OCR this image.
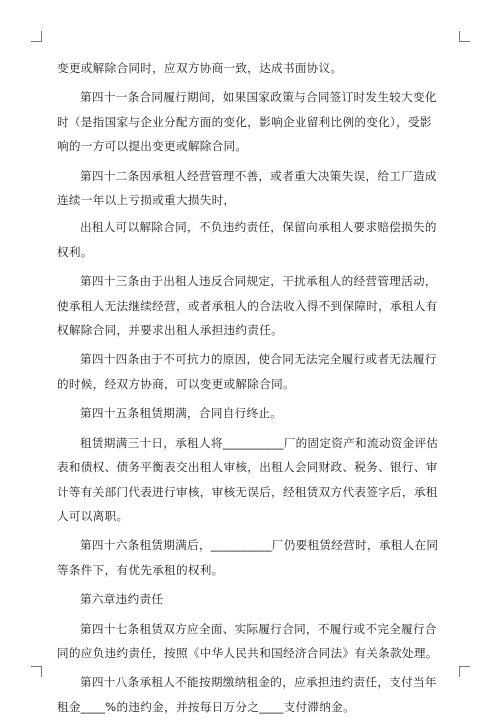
变更或解除合同时，应双方协商一致，达成书面协议。

第四十一条合同履行期间，如果国家政策与合同签订时发生较大变化时（是指国家与企业分配方面的变化，影响企业留利比例的变化），受影响的一方可以提出变更或解除合同。

第四十二条因承租人经营管理不善，或者重大决策失误，给工厂造成连续一年以上亏损或重大损失时，

出租人可以解除合同，不负违约责任，保留向承租人要求赔偿损失的权利。

第四十三条由于出租人违反合同规定，干扰承租人的经营管理活动，使承租人无法继续经营，或者承租人的合法收入得不到保障时，承租人有权解除合同，并要求出租人承担违约责任。

第四十四条由于不可抗力的原因，使合同无法完全履行或者无法履行的时候，经双方协商，可以变更或解除合同。

第四十五条租赁期满，合同自行终止。

租赁期满三十日，承租人将__________厂的固定资产和流动资金评估表和债权、债务平衡表交出租人审核，出租人会同财政、税务、银行、审计等有关部门代表进行审核，审核无误后，经租赁双方代表签字后，承租人可以离职。

第四十六条租赁期满后，__________厂仍要租赁经营时，承租人在同等条件下，有优先承租的权利。

第六章违约责任

第四十七条租赁双方应全面、实际履行合同，不履行或不完全履行合同的应负违约责任，按照《中华人民共和国经济合同法》有关条款处理。

第四十八条承租人不能按期缴纳租金的，应承担违约责任，支付当年租金____%的违约金，并按每日万分之____支付滞纳金。
